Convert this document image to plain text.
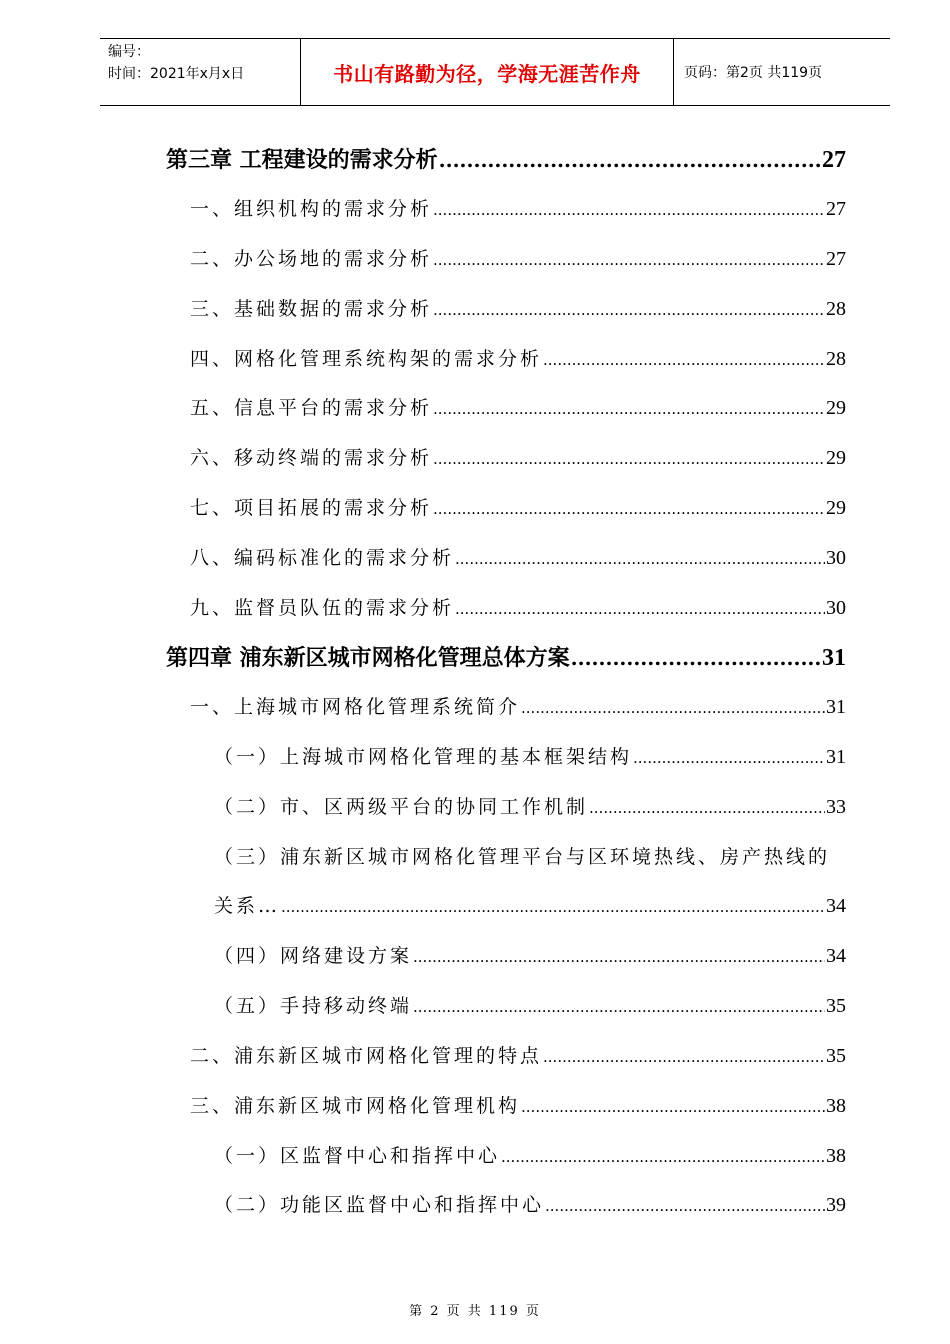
编号：
时间：2021年x月x日	书山有路勤为径，学海无涯苦作舟	页码：第2页 共119页
第三章 工程建设的需求分析 .....	27
一、组织机构的需求分析 .....	27
二、办公场地的需求分析 .....	27
三、基础数据的需求分析 .....	28
四、网格化管理系统构架的需求分析 .....	28
五、信息平台的需求分析 .....	29
六、移动终端的需求分析 .....	29
七、项目拓展的需求分析 .....	29
八、编码标准化的需求分析 .....	30
九、监督员队伍的需求分析 .....	30
第四章 浦东新区城市网格化管理总体方案 .....	31
一、上海城市网格化管理系统简介 .....	31
（一）上海城市网格化管理的基本框架结构 .....	31
（二）市、区两级平台的协同工作机制 .....	33
（三）浦东新区城市网格化管理平台与区环境热线、房产热线的
关系… .....	34
（四）网络建设方案 .....	34
（五）手持移动终端 .....	35
二、浦东新区城市网格化管理的特点 .....	35
三、浦东新区城市网格化管理机构 .....	38
（一）区监督中心和指挥中心 .....	38
（二）功能区监督中心和指挥中心 .....	39
第 2 页 共 119 页
